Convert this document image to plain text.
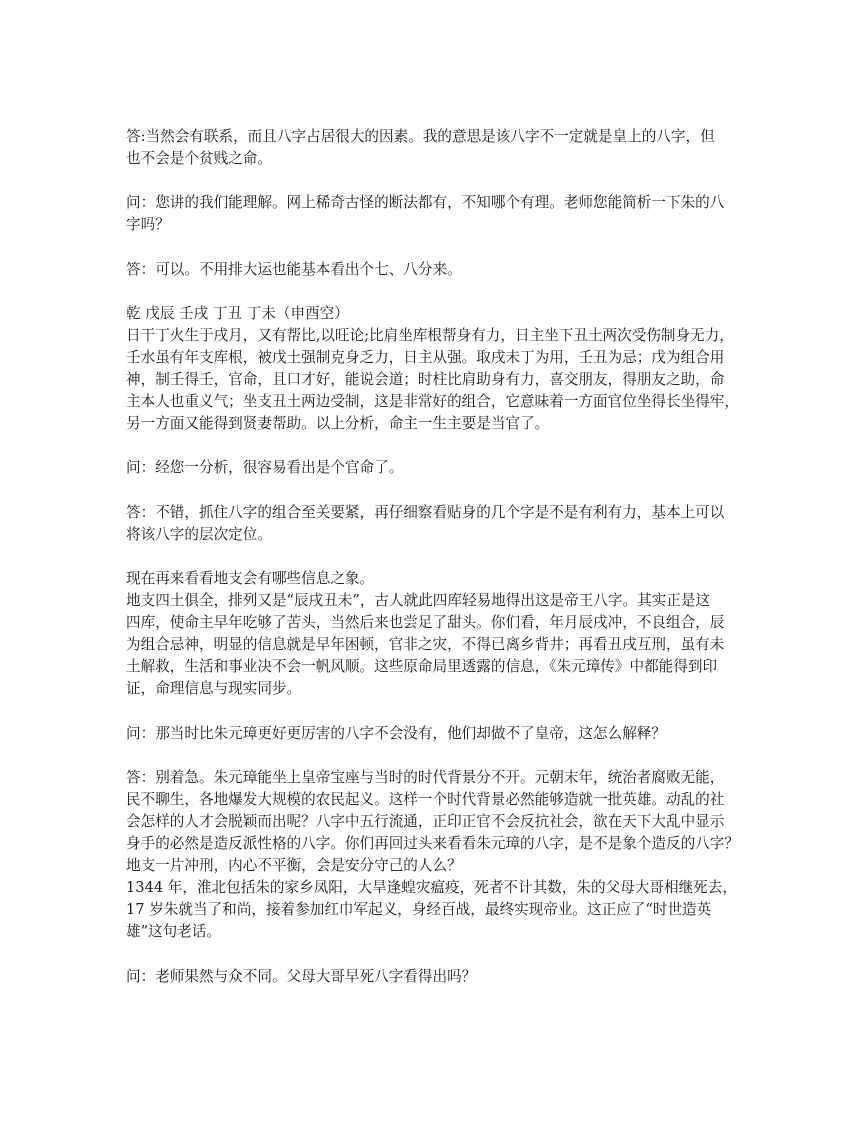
答:当然会有联系，而且八字占居很大的因素。我的意思是该八字不一定就是皇上的八字，但
也不会是个贫贱之命。
问：您讲的我们能理解。网上稀奇古怪的断法都有，不知哪个有理。老师您能简析一下朱的八
字吗？
答：可以。不用排大运也能基本看出个七、八分来。
乾 戊辰 壬戌 丁丑 丁未（申酉空）
日干丁火生于戌月，又有帮比,以旺论;比肩坐库根帮身有力，日主坐下丑土两次受伤制身无力，
壬水虽有年支库根，被戊土强制克身乏力，日主从强。取戌未丁为用，壬丑为忌；戊为组合用
神，制壬得壬，官命，且口才好，能说会道；时柱比肩助身有力，喜交朋友，得朋友之助，命
主本人也重义气；坐支丑土两边受制，这是非常好的组合，它意味着一方面官位坐得长坐得牢，
另一方面又能得到贤妻帮助。以上分析，命主一生主要是当官了。
问：经您一分析，很容易看出是个官命了。
答：不错，抓住八字的组合至关要紧，再仔细察看贴身的几个字是不是有利有力，基本上可以
将该八字的层次定位。
现在再来看看地支会有哪些信息之象。
地支四土俱全，排列又是“辰戌丑未”，古人就此四库轻易地得出这是帝王八字。其实正是这
四库，使命主早年吃够了苦头，当然后来也尝足了甜头。你们看，年月辰戌冲，不良组合，辰
为组合忌神，明显的信息就是早年困顿，官非之灾，不得已离乡背井；再看丑戌互刑，虽有未
土解救，生活和事业决不会一帆风顺。这些原命局里透露的信息，《朱元璋传》中都能得到印
证，命理信息与现实同步。
问：那当时比朱元璋更好更厉害的八字不会没有，他们却做不了皇帝，这怎么解释？
答：别着急。朱元璋能坐上皇帝宝座与当时的时代背景分不开。元朝末年，统治者腐败无能，
民不聊生，各地爆发大规模的农民起义。这样一个时代背景必然能够造就一批英雄。动乱的社
会怎样的人才会脱颖而出呢？八字中五行流通，正印正官不会反抗社会，欲在天下大乱中显示
身手的必然是造反派性格的八字。你们再回过头来看看朱元璋的八字，是不是象个造反的八字？
地支一片冲刑，内心不平衡，会是安分守己的人么？
1344 年，淮北包括朱的家乡凤阳，大旱逢蝗灾瘟疫，死者不计其数，朱的父母大哥相继死去，
17 岁朱就当了和尚，接着参加红巾军起义，身经百战，最终实现帝业。这正应了“时世造英
雄”这句老话。
问：老师果然与众不同。父母大哥早死八字看得出吗？
